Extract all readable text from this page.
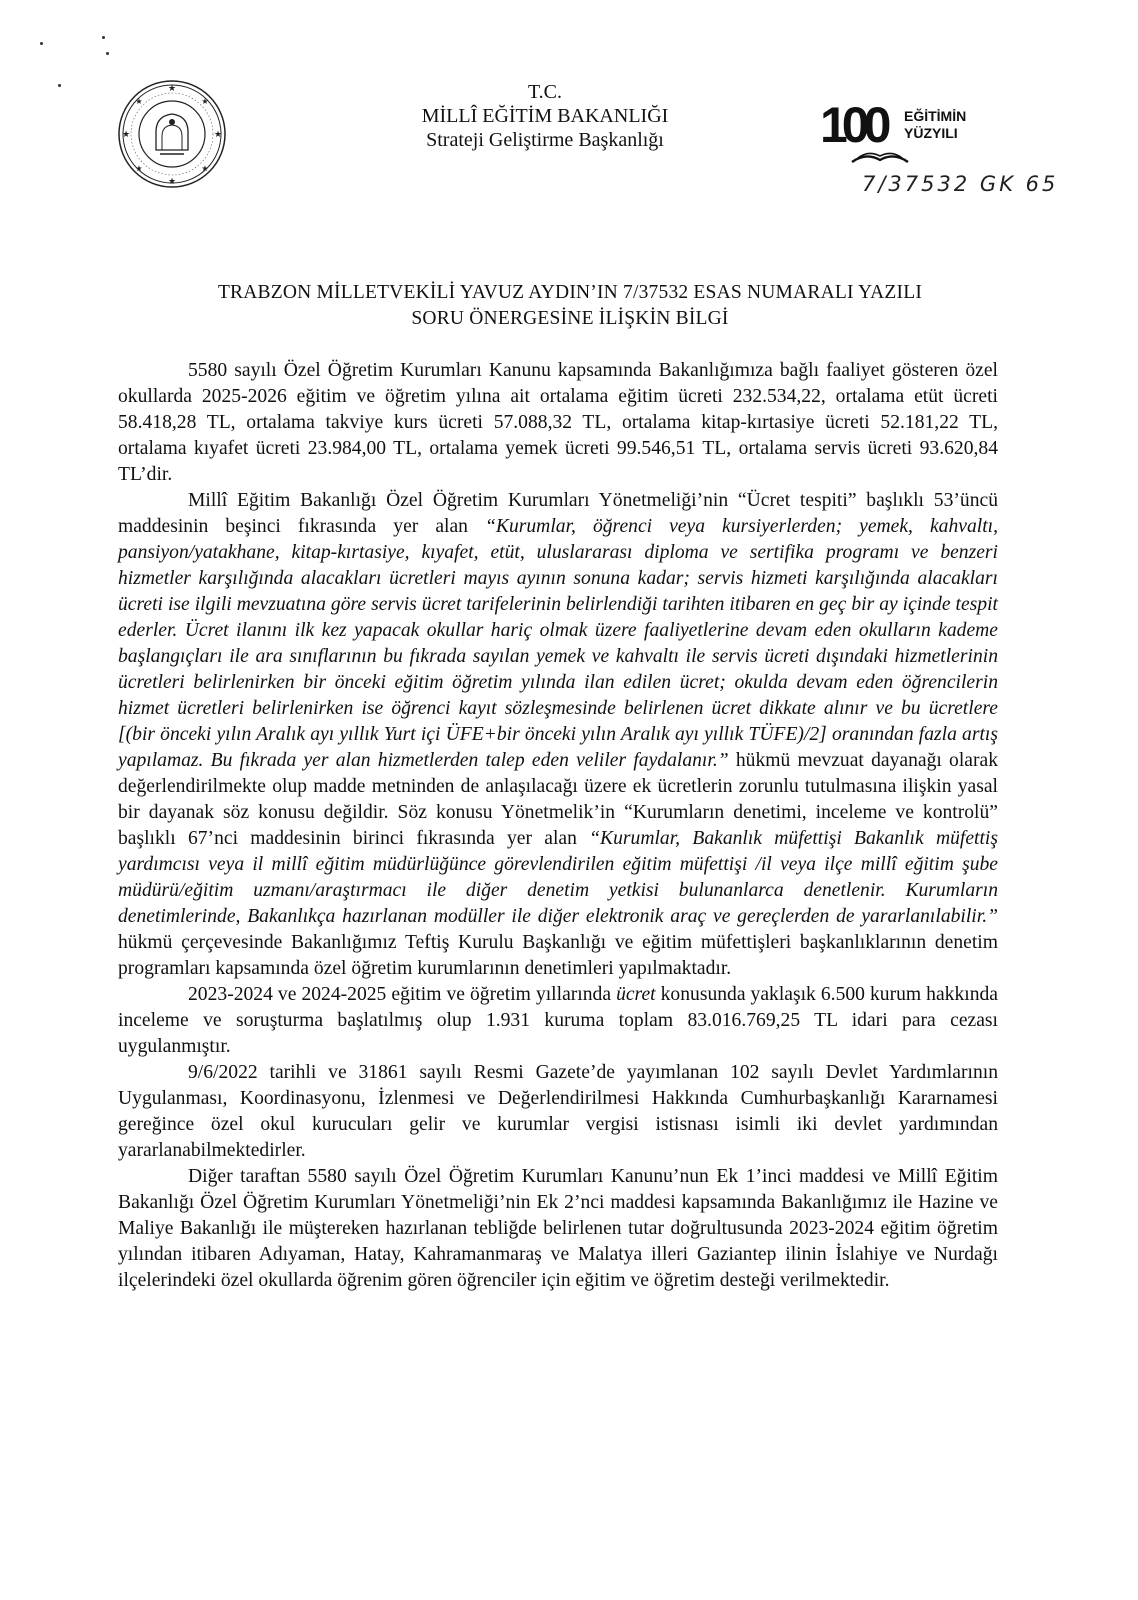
★
★
★	★
★	★
★	★
T.C.
MİLLÎ EĞİTİM BAKANLIĞI
Strateji Geliştirme Başkanlığı	100 EĞİTİMİN
YÜZYILI
7/37532 GK 65
TRABZON MİLLETVEKİLİ YAVUZ AYDIN’IN 7/37532 ESAS NUMARALI YAZILI
SORU ÖNERGESİNE İLİŞKİN BİLGİ

5580 sayılı Özel Öğretim Kurumları Kanunu kapsamında Bakanlığımıza bağlı faaliyet gösteren özel okullarda 2025-2026 eğitim ve öğretim yılına ait ortalama eğitim ücreti 232.534,22, ortalama etüt ücreti 58.418,28 TL, ortalama takviye kurs ücreti 57.088,32 TL, ortalama kitap-kırtasiye ücreti 52.181,22 TL, ortalama kıyafet ücreti 23.984,00 TL, ortalama yemek ücreti 99.546,51 TL, ortalama servis ücreti 93.620,84 TL’dir.

Millî Eğitim Bakanlığı Özel Öğretim Kurumları Yönetmeliği’nin “Ücret tespiti” başlıklı 53’üncü maddesinin beşinci fıkrasında yer alan “Kurumlar, öğrenci veya kursiyerlerden; yemek, kahvaltı, pansiyon/yatakhane, kitap-kırtasiye, kıyafet, etüt, uluslararası diploma ve sertifika programı ve benzeri hizmetler karşılığında alacakları ücretleri mayıs ayının sonuna kadar; servis hizmeti karşılığında alacakları ücreti ise ilgili mevzuatına göre servis ücret tarifelerinin belirlendiği tarihten itibaren en geç bir ay içinde tespit ederler. Ücret ilanını ilk kez yapacak okullar hariç olmak üzere faaliyetlerine devam eden okulların kademe başlangıçları ile ara sınıflarının bu fıkrada sayılan yemek ve kahvaltı ile servis ücreti dışındaki hizmetlerinin ücretleri belirlenirken bir önceki eğitim öğretim yılında ilan edilen ücret; okulda devam eden öğrencilerin hizmet ücretleri belirlenirken ise öğrenci kayıt sözleşmesinde belirlenen ücret dikkate alınır ve bu ücretlere [(bir önceki yılın Aralık ayı yıllık Yurt içi ÜFE+bir önceki yılın Aralık ayı yıllık TÜFE)/2] oranından fazla artış yapılamaz. Bu fıkrada yer alan hizmetlerden talep eden veliler faydalanır.” hükmü mevzuat dayanağı olarak değerlendirilmekte olup madde metninden de anlaşılacağı üzere ek ücretlerin zorunlu tutulmasına ilişkin yasal bir dayanak söz konusu değildir. Söz konusu Yönetmelik’in “Kurumların denetimi, inceleme ve kontrolü” başlıklı 67’nci maddesinin birinci fıkrasında yer alan “Kurumlar, Bakanlık müfettişi Bakanlık müfettiş yardımcısı veya il millî eğitim müdürlüğünce görevlendirilen eğitim müfettişi /il veya ilçe millî eğitim şube müdürü/eğitim uzmanı/araştırmacı ile diğer denetim yetkisi bulunanlarca denetlenir. Kurumların denetimlerinde, Bakanlıkça hazırlanan modüller ile diğer elektronik araç ve gereçlerden de yararlanılabilir.” hükmü çerçevesinde Bakanlığımız Teftiş Kurulu Başkanlığı ve eğitim müfettişleri başkanlıklarının denetim programları kapsamında özel öğretim kurumlarının denetimleri yapılmaktadır.

2023-2024 ve 2024-2025 eğitim ve öğretim yıllarında ücret konusunda yaklaşık 6.500 kurum hakkında inceleme ve soruşturma başlatılmış olup 1.931 kuruma toplam 83.016.769,25 TL idari para cezası uygulanmıştır.

9/6/2022 tarihli ve 31861 sayılı Resmi Gazete’de yayımlanan 102 sayılı Devlet Yardımlarının Uygulanması, Koordinasyonu, İzlenmesi ve Değerlendirilmesi Hakkında Cumhurbaşkanlığı Kararnamesi gereğince özel okul kurucuları gelir ve kurumlar vergisi istisnası isimli iki devlet yardımından yararlanabilmektedirler.

Diğer taraftan 5580 sayılı Özel Öğretim Kurumları Kanunu’nun Ek 1’inci maddesi ve Millî Eğitim Bakanlığı Özel Öğretim Kurumları Yönetmeliği’nin Ek 2’nci maddesi kapsamında Bakanlığımız ile Hazine ve Maliye Bakanlığı ile müştereken hazırlanan tebliğde belirlenen tutar doğrultusunda 2023-2024 eğitim öğretim yılından itibaren Adıyaman, Hatay, Kahramanmaraş ve Malatya illeri Gaziantep ilinin İslahiye ve Nurdağı ilçelerindeki özel okullarda öğrenim gören öğrenciler için eğitim ve öğretim desteği verilmektedir.
